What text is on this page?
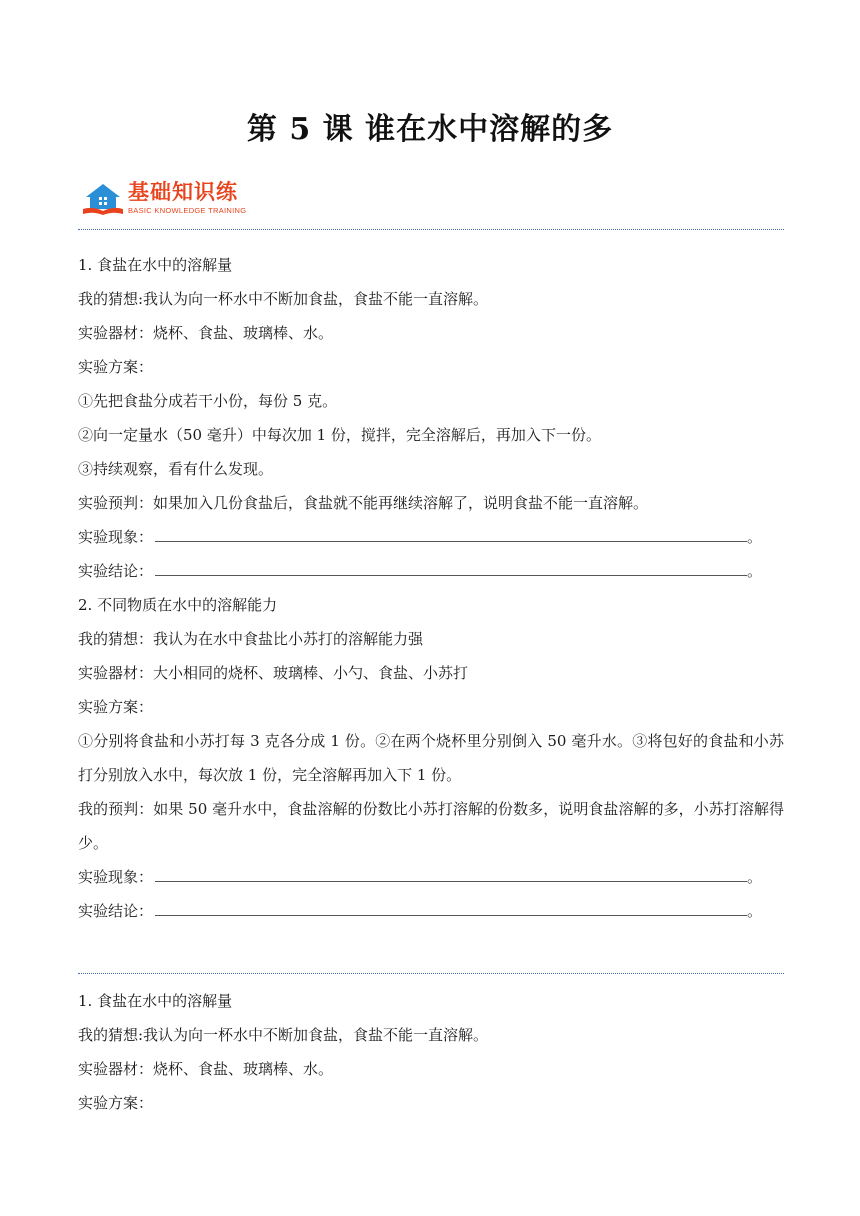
第 5 课 谁在水中溶解的多
基础知识练
BASIC KNOWLEDGE TRAINING
1. 食盐在水中的溶解量
我的猜想:我认为向一杯水中不断加食盐，食盐不能一直溶解。
实验器材：烧杯、食盐、玻璃棒、水。
实验方案：
①先把食盐分成若干小份，每份 5 克。
②向一定量水（50 毫升）中每次加 1 份，搅拌，完全溶解后，再加入下一份。
③持续观察，看有什么发现。
实验预判：如果加入几份食盐后，食盐就不能再继续溶解了，说明食盐不能一直溶解。
实验现象：	。
实验结论：	。
2. 不同物质在水中的溶解能力
我的猜想：我认为在水中食盐比小苏打的溶解能力强
实验器材：大小相同的烧杯、玻璃棒、小勺、食盐、小苏打
实验方案：
①分别将食盐和小苏打每 3 克各分成 1 份。②在两个烧杯里分别倒入 50 毫升水。③将包好的食盐和小苏打分别放入水中，每次放 1 份，完全溶解再加入下 1 份。
我的预判：如果 50 毫升水中，食盐溶解的份数比小苏打溶解的份数多，说明食盐溶解的多，小苏打溶解得少。
实验现象：	。
实验结论：	。
1. 食盐在水中的溶解量
我的猜想:我认为向一杯水中不断加食盐，食盐不能一直溶解。
实验器材：烧杯、食盐、玻璃棒、水。
实验方案：
